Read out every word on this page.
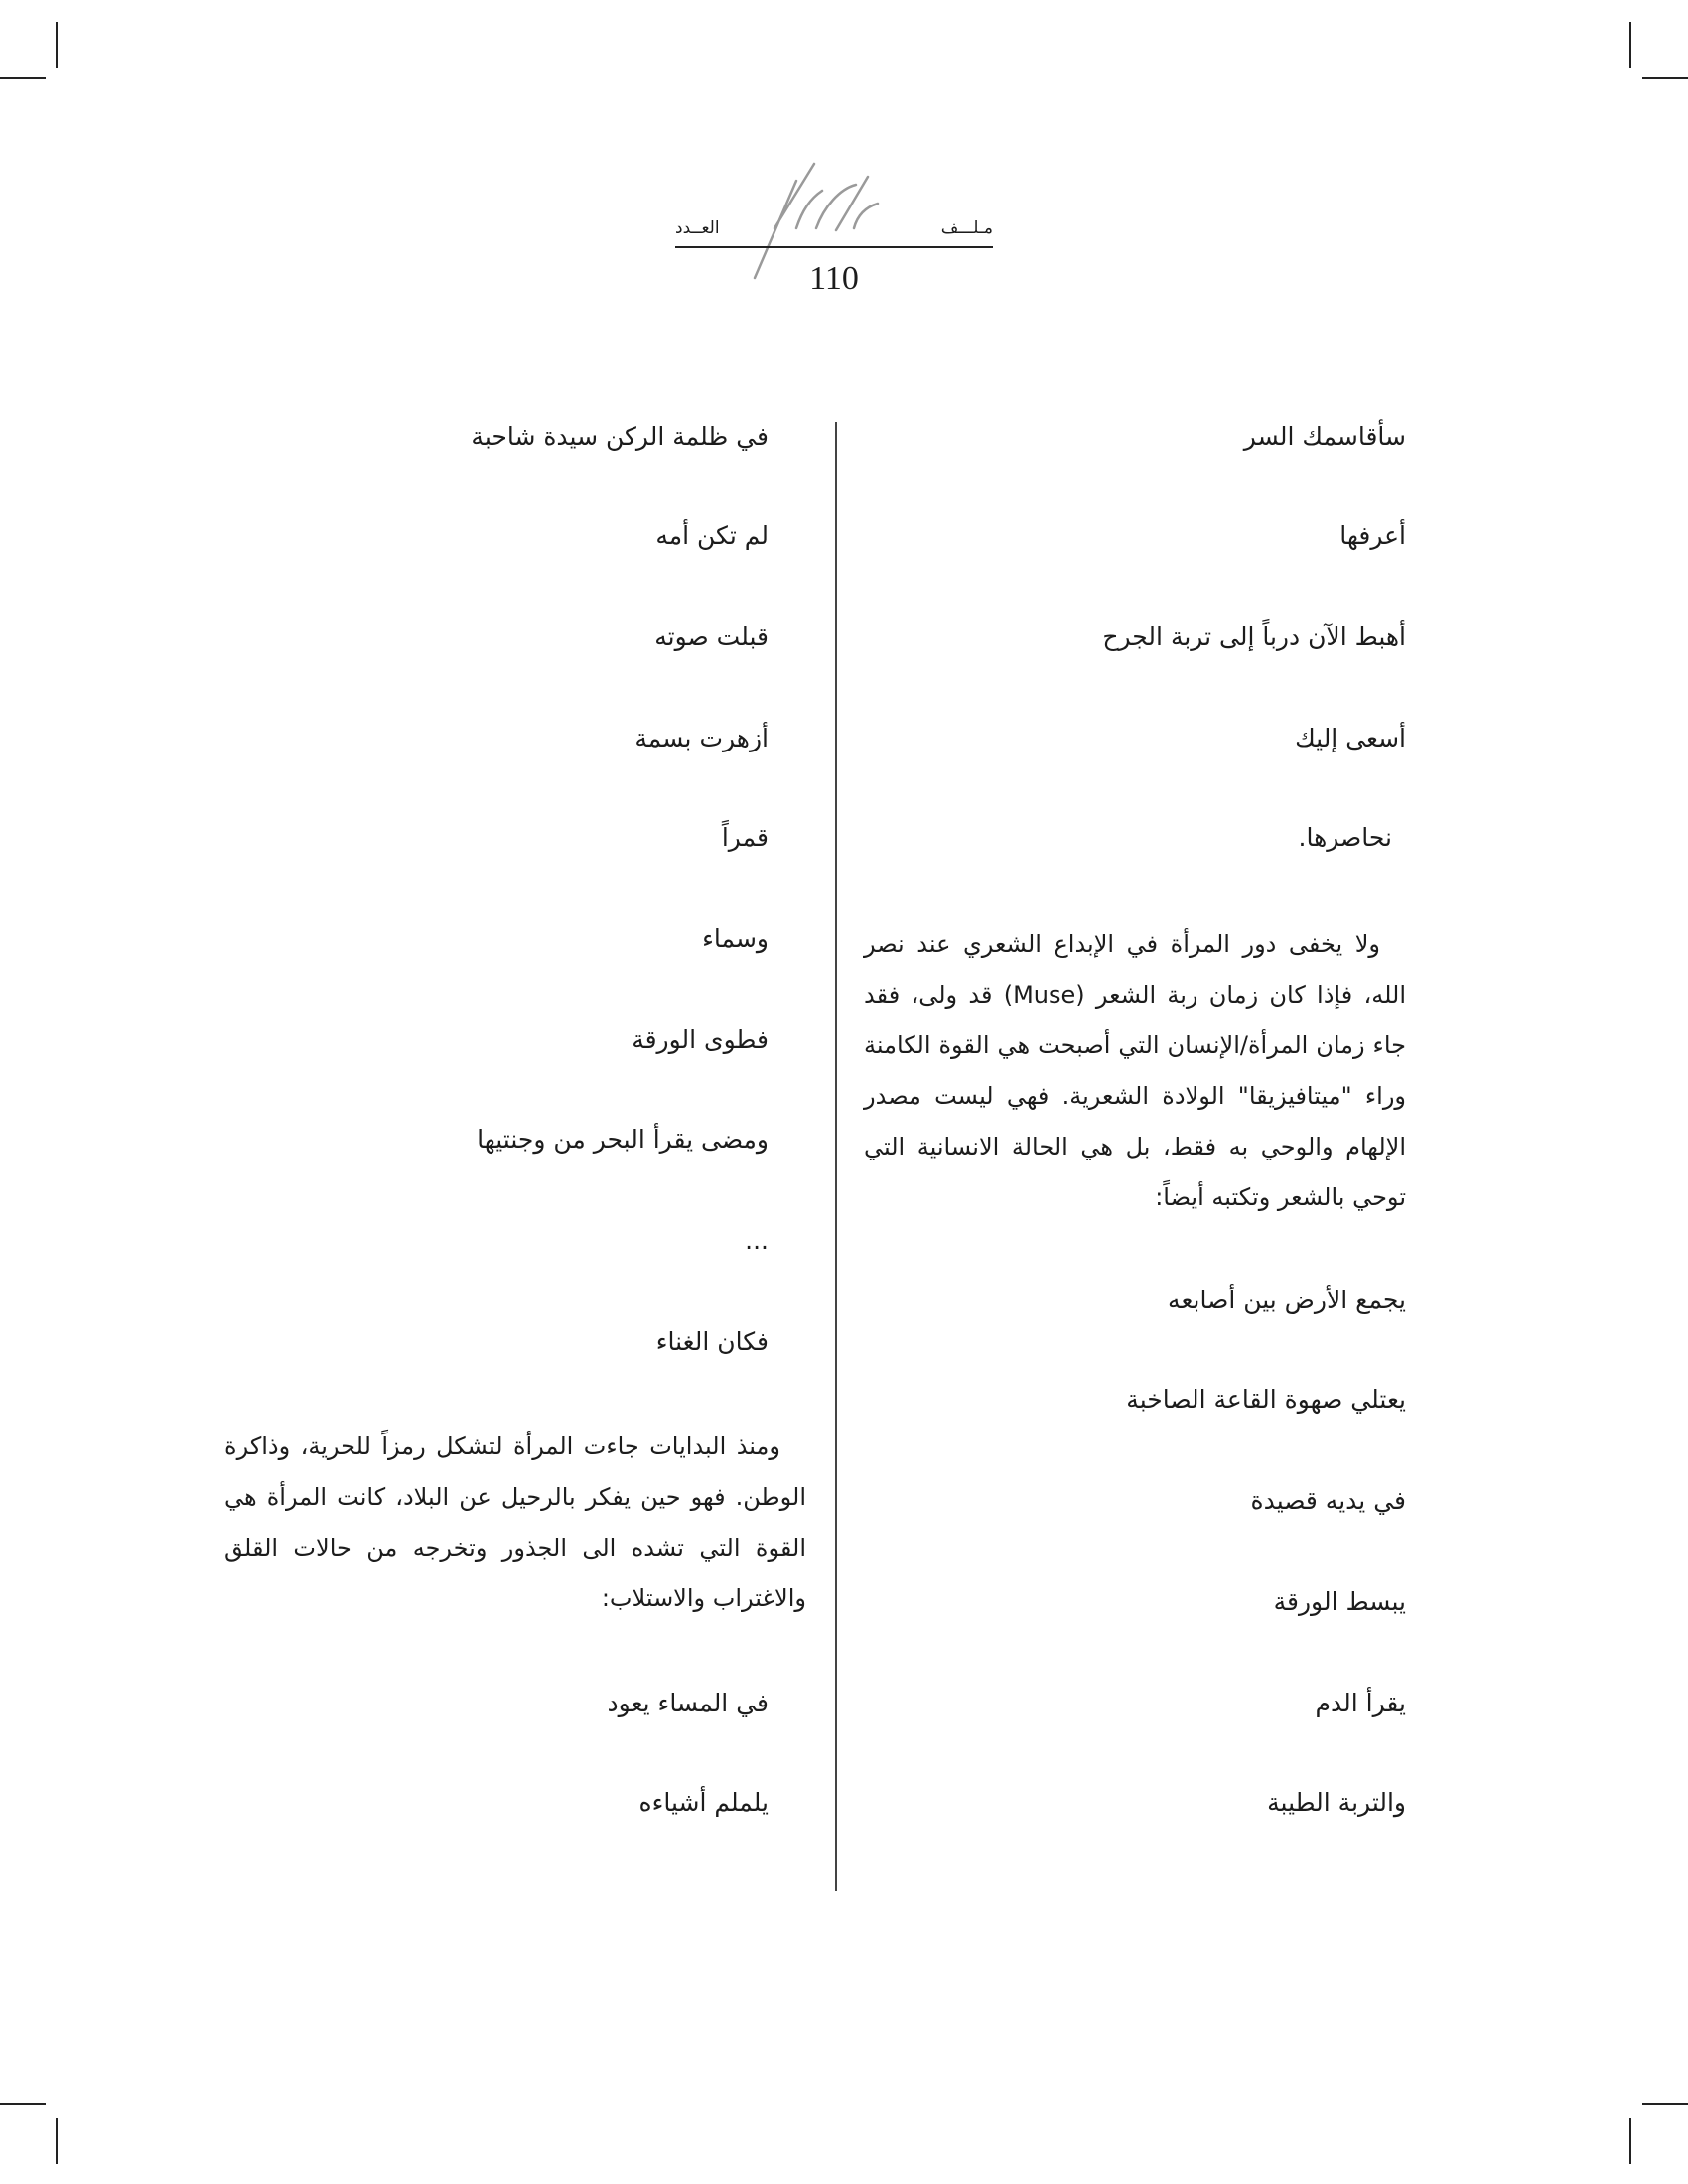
مـلـــف
العــدد
110
سأقاسمك السر
أعرفها
أهبط الآن درباً إلى تربة الجرح
أسعى إليك
نحاصرها.
ولا يخفى دور المرأة في الإبداع الشعري عند نصر الله، فإذا كان زمان ربة الشعر (Muse) قد ولى، فقد جاء زمان المرأة/الإنسان التي أصبحت هي القوة الكامنة وراء "ميتافيزيقا" الولادة الشعرية. فهي ليست مصدر الإلهام والوحي به فقط، بل هي الحالة الانسانية التي توحي بالشعر وتكتبه أيضاً:
يجمع الأرض بين أصابعه
يعتلي صهوة القاعة الصاخبة
في يديه قصيدة
يبسط الورقة
يقرأ الدم
والتربة الطيبة
في ظلمة الركن سيدة شاحبة
لم تكن أمه
قبلت صوته
أزهرت بسمة
قمراً
وسماء
فطوى الورقة
ومضى يقرأ البحر من وجنتيها
...
فكان الغناء
ومنذ البدايات جاءت المرأة لتشكل رمزاً للحرية، وذاكرة الوطن. فهو حين يفكر بالرحيل عن البلاد، كانت المرأة هي القوة التي تشده الى الجذور وتخرجه من حالات القلق والاغتراب والاستلاب:
في المساء يعود
يلملم أشياءه
